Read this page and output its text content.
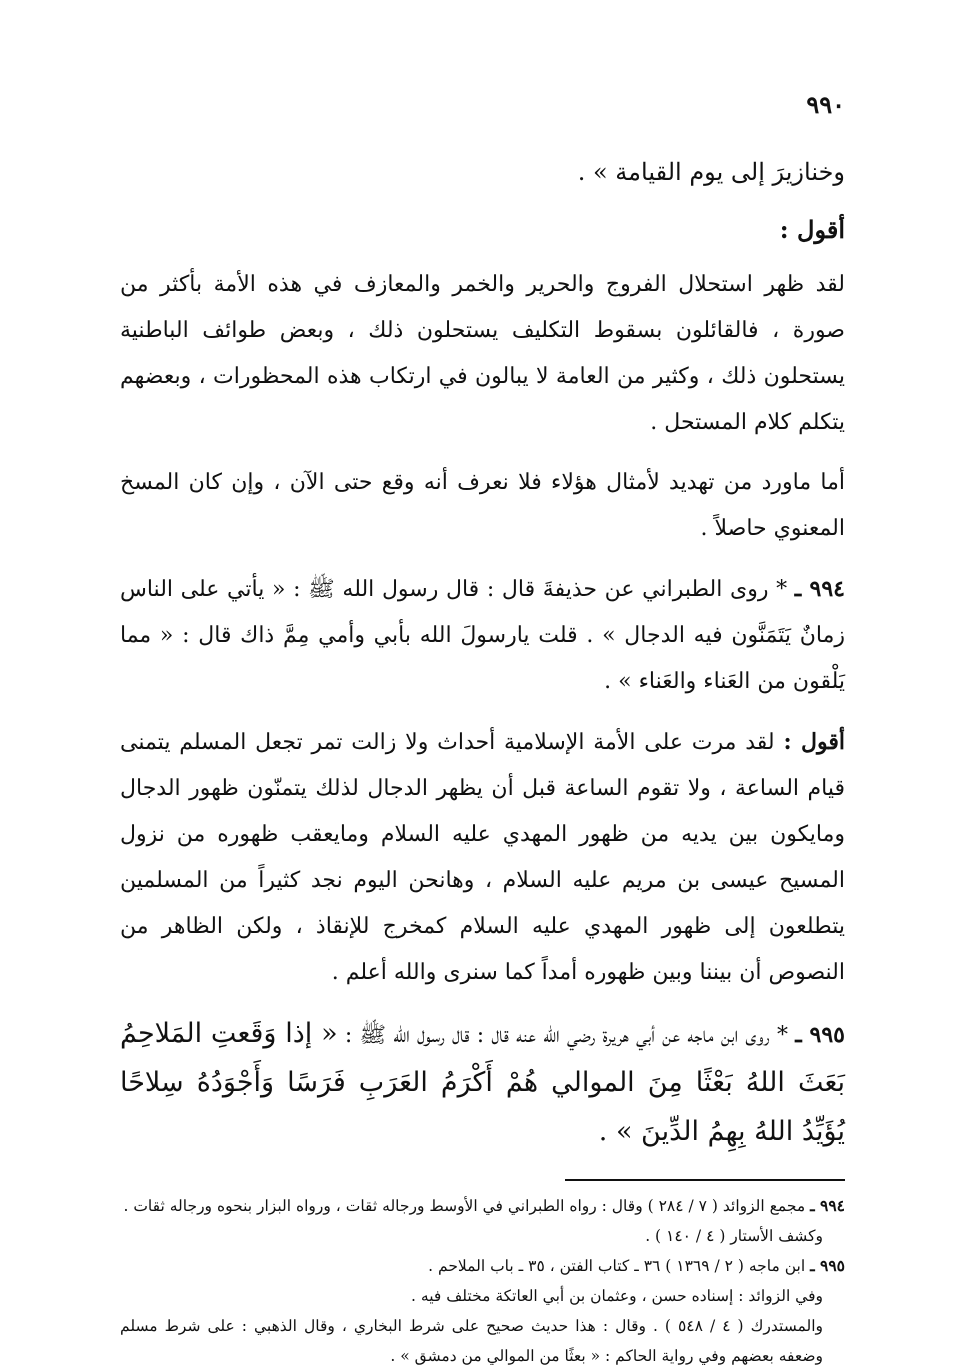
٩٩٠
وخنازيرَ إلى يوم القيامة » .
أقول :

لقد ظهر استحلال الفروج والحرير والخمر والمعازف في هذه الأمة بأكثر من صورة ، فالقائلون بسقوط التكليف يستحلون ذلك ، وبعض طوائف الباطنية يستحلون ذلك ، وكثير من العامة لا يبالون في ارتكاب هذه المحظورات ، وبعضهم يتكلم كلام المستحل .

أما ماورد من تهديد لأمثال هؤلاء فلا نعرف أنه وقع حتى الآن ، وإن كان المسخ المعنوي حاصلاً .

٩٩٤ ـ * روى الطبراني عن حذيفةَ قال : قال رسول الله ﷺ : « يأتي على الناس زمانٌ يَتَمَنَّون فيه الدجال » . قلت يارسولَ الله بأبي وأمي مِمَّ ذاك قال : « مما يَلْقون من العَناء والعَناء » .

أقول : لقد مرت على الأمة الإسلامية أحداث ولا زالت تمر تجعل المسلم يتمنى قيام الساعة ، ولا تقوم الساعة قبل أن يظهر الدجال لذلك يتمنّون ظهور الدجال ومايكون بين يديه من ظهور المهدي عليه السلام ومايعقب ظهوره من نزول المسيح عيسى بن مريم عليه السلام ، وهانحن اليوم نجد كثيراً من المسلمين يتطلعون إلى ظهور المهدي عليه السلام كمخرج للإنقاذ ، ولكن الظاهر من النصوص أن بيننا وبين ظهوره أمداً كما سنرى والله أعلم .

٩٩٥ ـ * روى ابن ماجه عن أبي هريرة رضي الله عنه قال : قال رسول الله ﷺ : « إذا وَقَعتِ المَلاحِمُ بَعَثَ اللهُ بَعْثًا مِنَ الموالي هُمْ أَكْرَمُ العَرَبِ فَرَسًا وَأَجْوَدُهُ سِلاحًا يُؤَيِّدُ اللهُ بِهِمُ الدِّينَ » .

٩٩٤ ـ مجمع الزوائد ( ٧ / ٢٨٤ ) وقال : رواه الطبراني في الأوسط ورجاله ثقات ، ورواه البزار بنحوه ورجاله ثقات .

وكشف الأستار ( ٤ / ١٤٠ ) .

٩٩٥ ـ ابن ماجه ( ٢ / ١٣٦٩ ) ٣٦ ـ كتاب الفتن ، ٣٥ ـ باب الملاحم .

وفي الزوائد : إسناده حسن ، وعثمان بن أبي العاتكة مختلف فيه .

والمستدرك ( ٤ / ٥٤٨ ) . وقال : هذا حديث صحيح على شرط البخاري ، وقال الذهبي : على شرط مسلم وضعفه بعضهم وفي رواية الحاكم : « بعثًا من الموالي من دمشق » .
